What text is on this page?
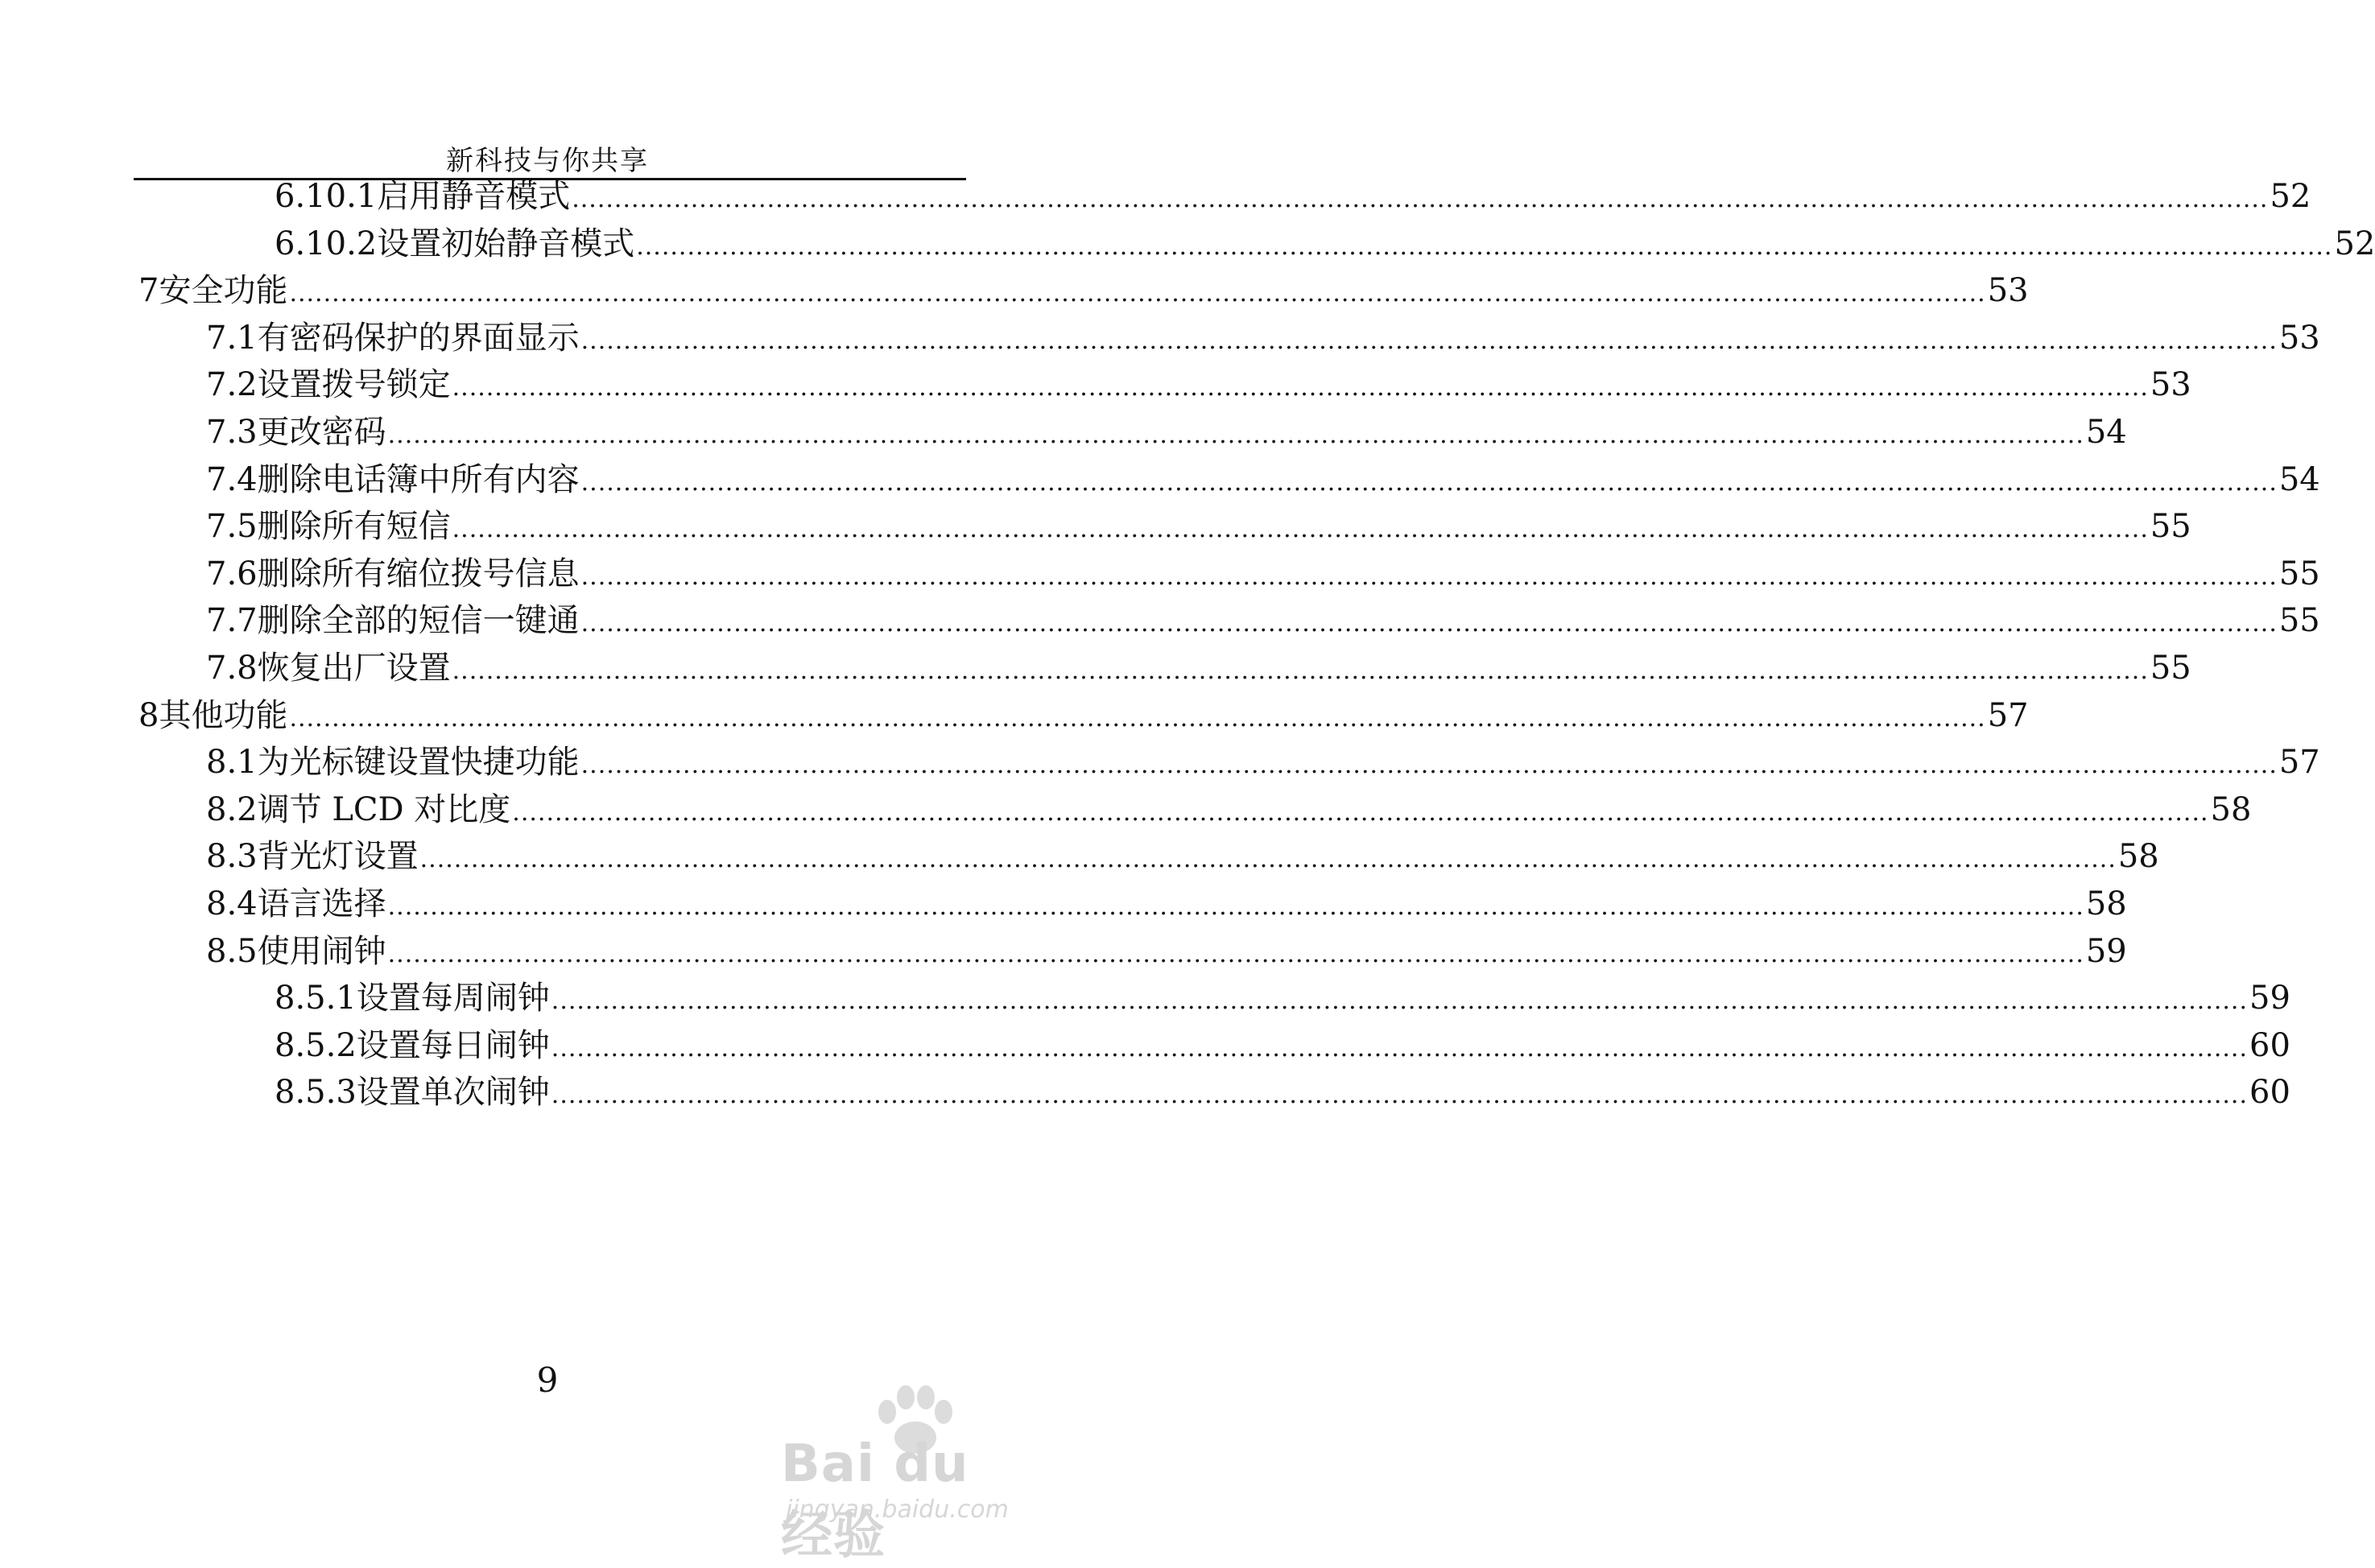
新科技与你共享
6.10.1 启用静音模式 ........................................................................................................................................................................................................ 52
6.10.2 设置初始静音模式 ........................................................................................................................................................................................................ 52
7 安全功能 ........................................................................................................................................................................................................ 53
7.1 有密码保护的界面显示 ........................................................................................................................................................................................................ 53
7.2 设置拨号锁定 ........................................................................................................................................................................................................ 53
7.3 更改密码 ........................................................................................................................................................................................................ 54
7.4 删除电话簿中所有内容 ........................................................................................................................................................................................................ 54
7.5 删除所有短信 ........................................................................................................................................................................................................ 55
7.6 删除所有缩位拨号信息 ........................................................................................................................................................................................................ 55
7.7 删除全部的短信一键通 ........................................................................................................................................................................................................ 55
7.8 恢复出厂设置 ........................................................................................................................................................................................................ 55
8 其他功能 ........................................................................................................................................................................................................ 57
8.1 为光标键设置快捷功能 ........................................................................................................................................................................................................ 57
8.2 调节 LCD 对比度 ........................................................................................................................................................................................................ 58
8.3 背光灯设置 ........................................................................................................................................................................................................ 58
8.4 语言选择 ........................................................................................................................................................................................................ 58
8.5 使用闹钟 ........................................................................................................................................................................................................ 59
8.5.1 设置每周闹钟 ........................................................................................................................................................................................................ 59
8.5.2 设置每日闹钟 ........................................................................................................................................................................................................ 60
8.5.3 设置单次闹钟 ........................................................................................................................................................................................................ 60
9
Bai du 经验
jingyan.baidu.com
